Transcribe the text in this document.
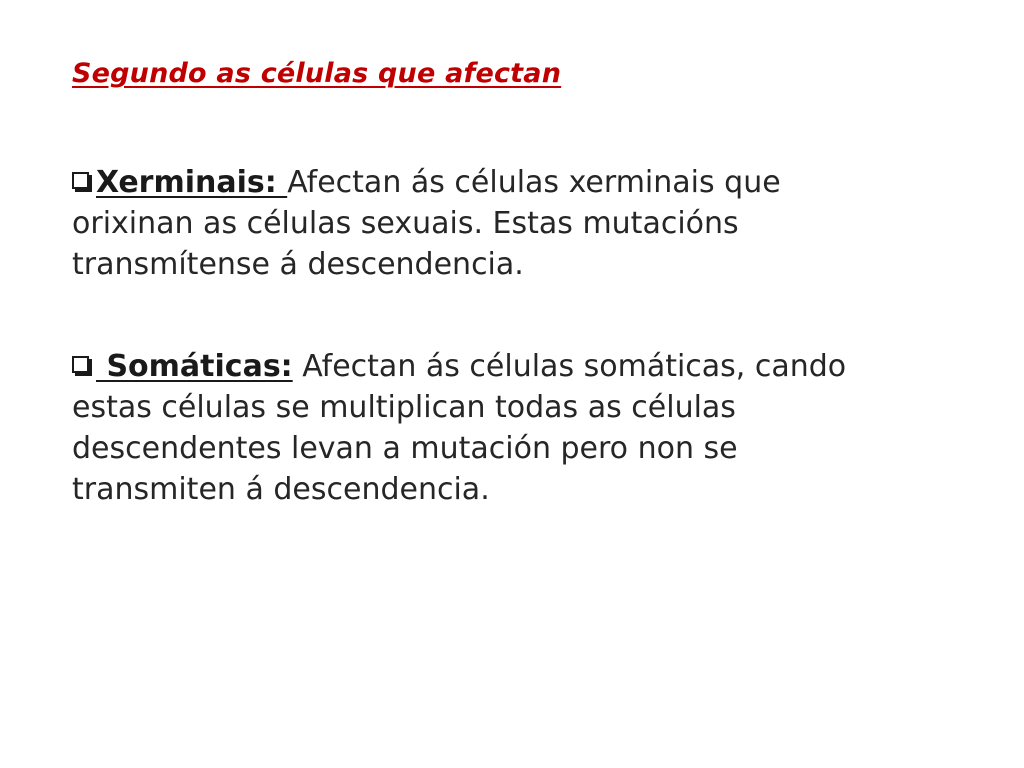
Segundo as células que afectan
Xerminais: Afectan ás células xerminais que
orixinan as células sexuais. Estas mutacións
transmítense á descendencia.
Somáticas: Afectan ás células somáticas, cando
estas células se multiplican todas as células
descendentes levan a mutación pero non se
transmiten á descendencia.
